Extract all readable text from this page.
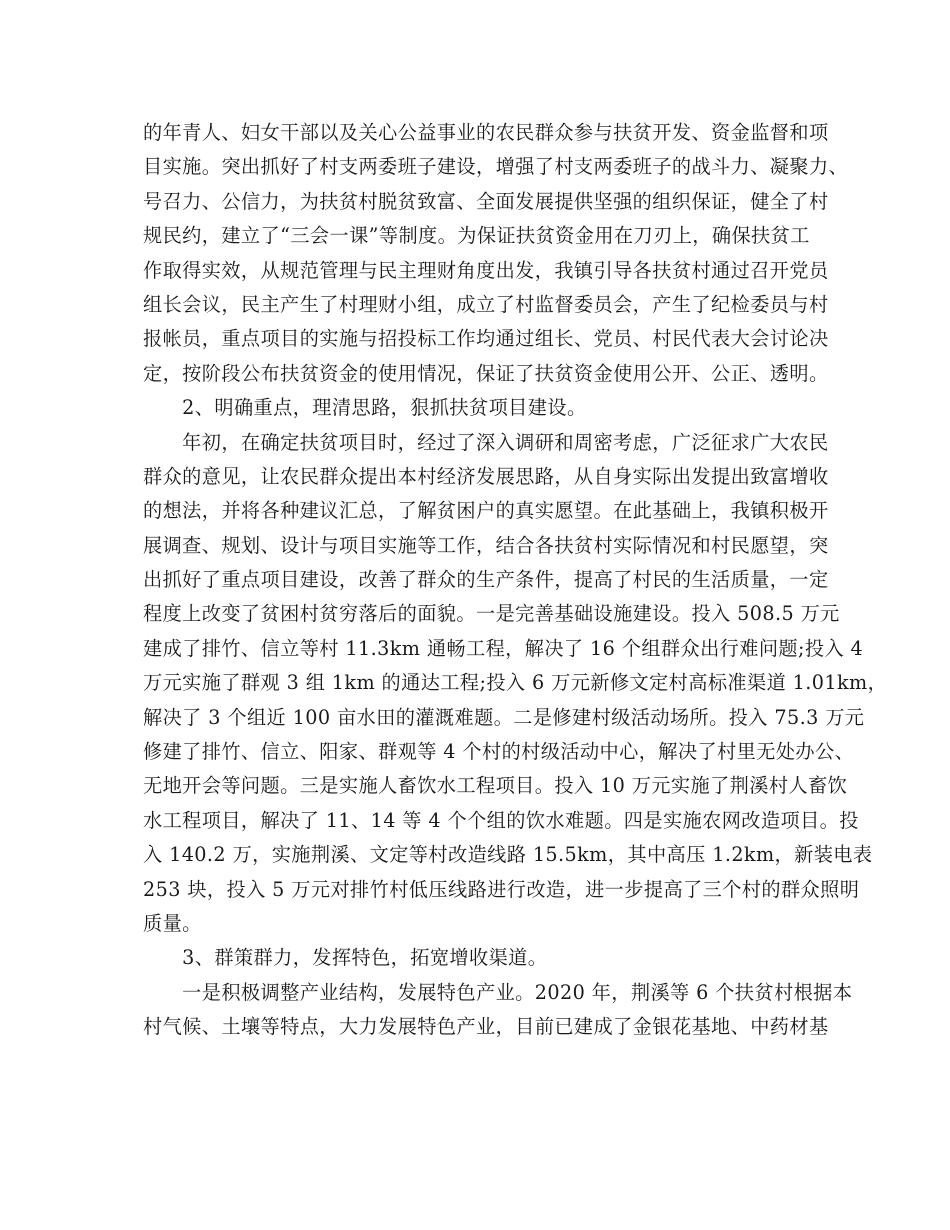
的年青人、妇女干部以及关心公益事业的农民群众参与扶贫开发、资金监督和项
目实施。突出抓好了村支两委班子建设，增强了村支两委班子的战斗力、凝聚力、
号召力、公信力，为扶贫村脱贫致富、全面发展提供坚强的组织保证，健全了村
规民约，建立了“三会一课”等制度。为保证扶贫资金用在刀刃上，确保扶贫工
作取得实效，从规范管理与民主理财角度出发，我镇引导各扶贫村通过召开党员
组长会议，民主产生了村理财小组，成立了村监督委员会，产生了纪检委员与村
报帐员，重点项目的实施与招投标工作均通过组长、党员、村民代表大会讨论决
定，按阶段公布扶贫资金的使用情况，保证了扶贫资金使用公开、公正、透明。
　　2、明确重点，理清思路，狠抓扶贫项目建设。
　　年初，在确定扶贫项目时，经过了深入调研和周密考虑，广泛征求广大农民
群众的意见，让农民群众提出本村经济发展思路，从自身实际出发提出致富增收
的想法，并将各种建议汇总，了解贫困户的真实愿望。在此基础上，我镇积极开
展调查、规划、设计与项目实施等工作，结合各扶贫村实际情况和村民愿望，突
出抓好了重点项目建设，改善了群众的生产条件，提高了村民的生活质量，一定
程度上改变了贫困村贫穷落后的面貌。一是完善基础设施建设。投入 508.5 万元
建成了排竹、信立等村 11.3km 通畅工程，解决了 16 个组群众出行难问题;投入 4
万元实施了群观 3 组 1km 的通达工程;投入 6 万元新修文定村高标准渠道 1.01km，
解决了 3 个组近 100 亩水田的灌溉难题。二是修建村级活动场所。投入 75.3 万元
修建了排竹、信立、阳家、群观等 4 个村的村级活动中心，解决了村里无处办公、
无地开会等问题。三是实施人畜饮水工程项目。投入 10 万元实施了荆溪村人畜饮
水工程项目，解决了 11、14 等 4 个个组的饮水难题。四是实施农网改造项目。投
入 140.2 万，实施荆溪、文定等村改造线路 15.5km，其中高压 1.2km，新装电表
253 块，投入 5 万元对排竹村低压线路进行改造，进一步提高了三个村的群众照明
质量。
　　3、群策群力，发挥特色，拓宽增收渠道。
　　一是积极调整产业结构，发展特色产业。2020 年，荆溪等 6 个扶贫村根据本
村气候、土壤等特点，大力发展特色产业，目前已建成了金银花基地、中药材基
